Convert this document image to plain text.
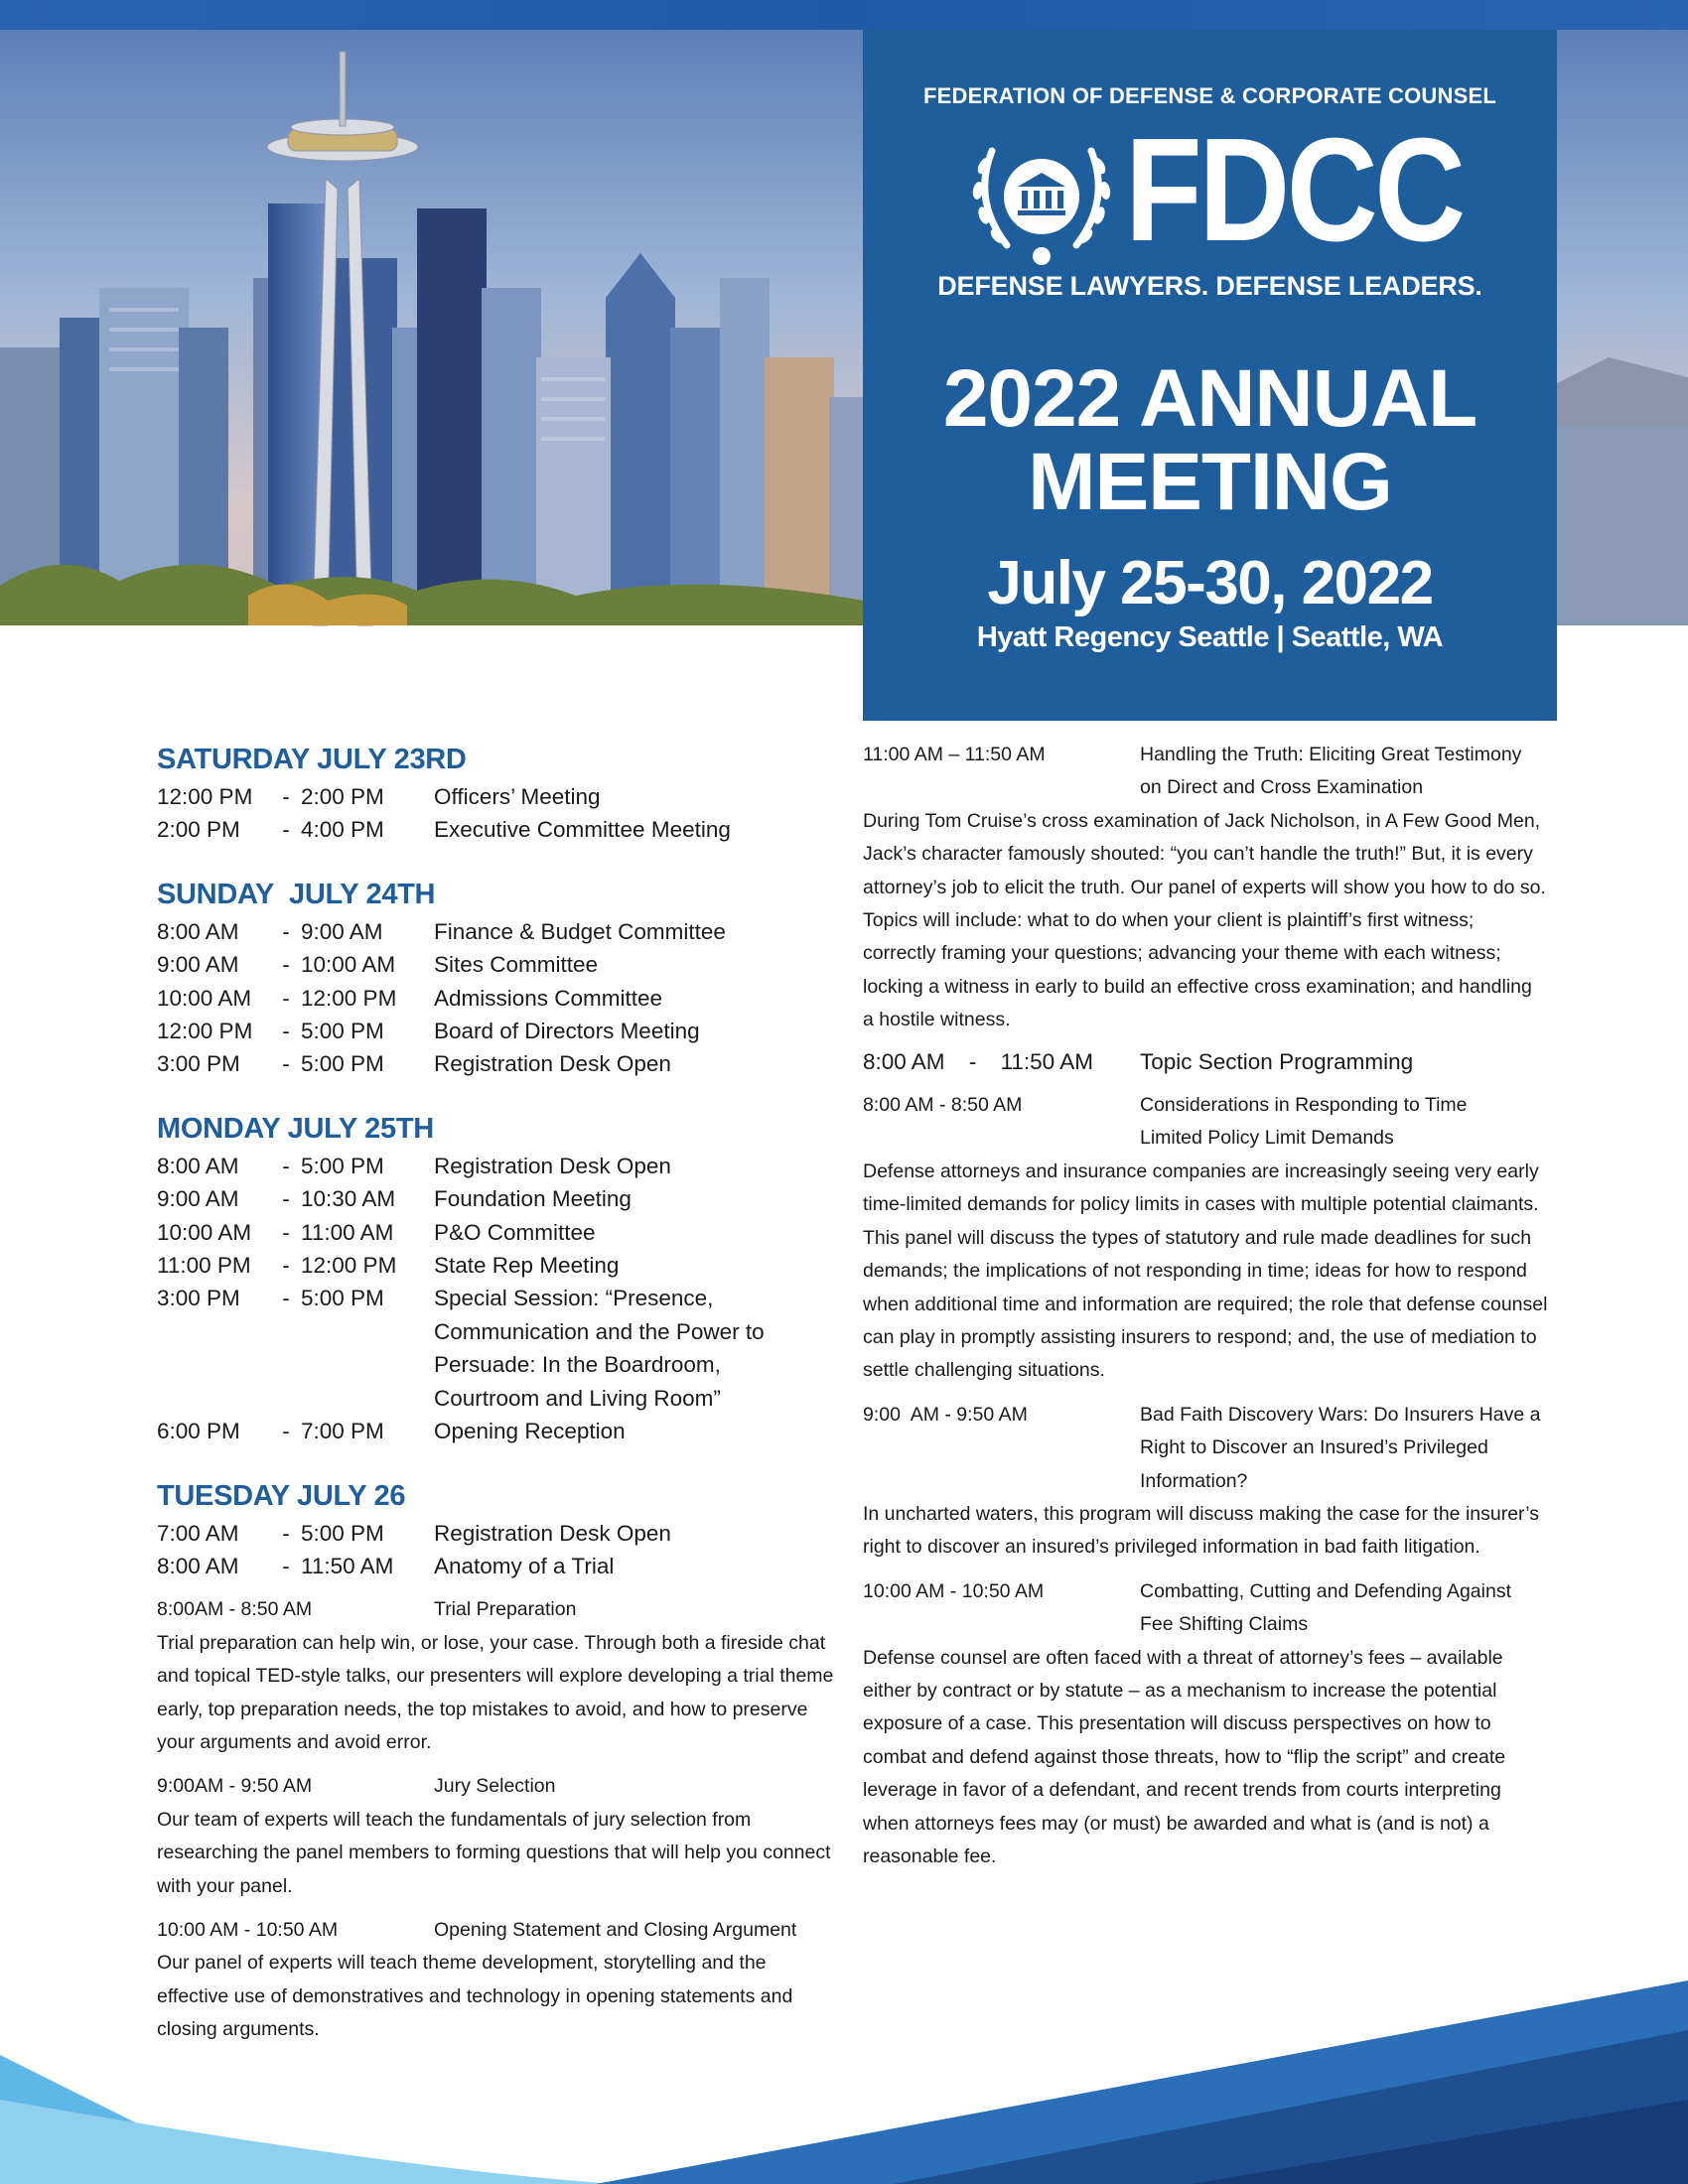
FEDERATION OF DEFENSE & CORPORATE COUNSEL
FDCC
DEFENSE LAWYERS. DEFENSE LEADERS.
2022 ANNUAL
MEETING
July 25-30, 2022
Hyatt Regency Seattle | Seattle, WA
SATURDAY JULY 23RD
12:00 PM	- 2:00 PM	Officers’ Meeting
2:00 PM	- 4:00 PM	Executive Committee Meeting
SUNDAY  JULY 24TH
8:00 AM	- 9:00 AM	Finance & Budget Committee
9:00 AM	- 10:00 AM	Sites Committee
10:00 AM	- 12:00 PM	Admissions Committee
12:00 PM	- 5:00 PM	Board of Directors Meeting
3:00 PM	- 5:00 PM	Registration Desk Open
MONDAY JULY 25TH
8:00 AM	- 5:00 PM	Registration Desk Open
9:00 AM	- 10:30 AM	Foundation Meeting
10:00 AM	- 11:00 AM	P&O Committee
11:00 PM	- 12:00 PM	State Rep Meeting
3:00 PM	- 5:00 PM	Special Session: “Presence, Communication and the Power to Persuade: In the Boardroom, Courtroom and Living Room”
6:00 PM	- 7:00 PM	Opening Reception
TUESDAY JULY 26
7:00 AM	- 5:00 PM	Registration Desk Open
8:00 AM	- 11:50 AM	Anatomy of a Trial
8:00AM - 8:50 AM	Trial Preparation
Trial preparation can help win, or lose, your case. Through both a fireside chat and topical TED-style talks, our presenters will explore developing a trial theme early, top preparation needs, the top mistakes to avoid, and how to preserve your arguments and avoid error.
9:00AM - 9:50 AM	Jury Selection
Our team of experts will teach the fundamentals of jury selection from researching the panel members to forming questions that will help you connect with your panel.
10:00 AM - 10:50 AM	Opening Statement and Closing Argument
Our panel of experts will teach theme development, storytelling and the effective use of demonstratives and technology in opening statements and closing arguments.
11:00 AM – 11:50 AM	Handling the Truth: Eliciting Great Testimony on Direct and Cross Examination
During Tom Cruise’s cross examination of Jack Nicholson, in A Few Good Men, Jack’s character famously shouted: “you can’t handle the truth!” But, it is every attorney’s job to elicit the truth. Our panel of experts will show you how to do so. Topics will include: what to do when your client is plaintiff’s first witness; correctly framing your questions; advancing your theme with each witness; locking a witness in early to build an effective cross examination; and handling a hostile witness.
8:00 AM - 11:50 AM	Topic Section Programming
8:00 AM - 8:50 AM	Considerations in Responding to Time Limited Policy Limit Demands
Defense attorneys and insurance companies are increasingly seeing very early time-limited demands for policy limits in cases with multiple potential claimants. This panel will discuss the types of statutory and rule made deadlines for such demands; the implications of not responding in time; ideas for how to respond when additional time and information are required; the role that defense counsel can play in promptly assisting insurers to respond; and, the use of mediation to settle challenging situations.
9:00  AM - 9:50 AM	Bad Faith Discovery Wars: Do Insurers Have a Right to Discover an Insured’s Privileged Information?
In uncharted waters, this program will discuss making the case for the insurer’s right to discover an insured’s privileged information in bad faith litigation.
10:00 AM - 10:50 AM	Combatting, Cutting and Defending Against Fee Shifting Claims
Defense counsel are often faced with a threat of attorney’s fees – available either by contract or by statute – as a mechanism to increase the potential exposure of a case. This presentation will discuss perspectives on how to combat and defend against those threats, how to “flip the script” and create leverage in favor of a defendant, and recent trends from courts interpreting when attorneys fees may (or must) be awarded and what is (and is not) a reasonable fee.
